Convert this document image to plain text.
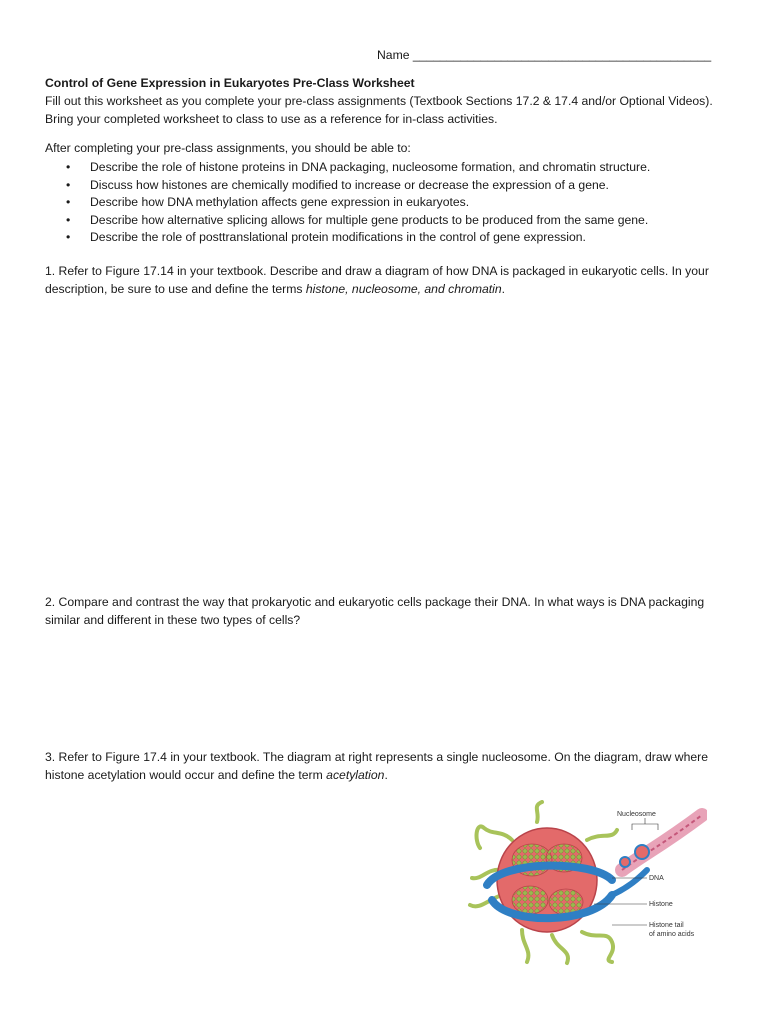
Name ____________________________________________
Control of Gene Expression in Eukaryotes Pre-Class Worksheet
Fill out this worksheet as you complete your pre-class assignments (Textbook Sections 17.2 & 17.4 and/or Optional Videos). Bring your completed worksheet to class to use as a reference for in-class activities.
After completing your pre-class assignments, you should be able to:
• Describe the role of histone proteins in DNA packaging, nucleosome formation, and chromatin structure.
• Discuss how histones are chemically modified to increase or decrease the expression of a gene.
• Describe how DNA methylation affects gene expression in eukaryotes.
• Describe how alternative splicing allows for multiple gene products to be produced from the same gene.
• Describe the role of posttranslational protein modifications in the control of gene expression.
1. Refer to Figure 17.14 in your textbook. Describe and draw a diagram of how DNA is packaged in eukaryotic cells. In your description, be sure to use and define the terms histone, nucleosome, and chromatin.
2. Compare and contrast the way that prokaryotic and eukaryotic cells package their DNA. In what ways is DNA packaging similar and different in these two types of cells?
3. Refer to Figure 17.4 in your textbook. The diagram at right represents a single nucleosome. On the diagram, draw where histone acetylation would occur and define the term acetylation.
Nucleosome
DNA
Histone
Histone tail
of amino acids
